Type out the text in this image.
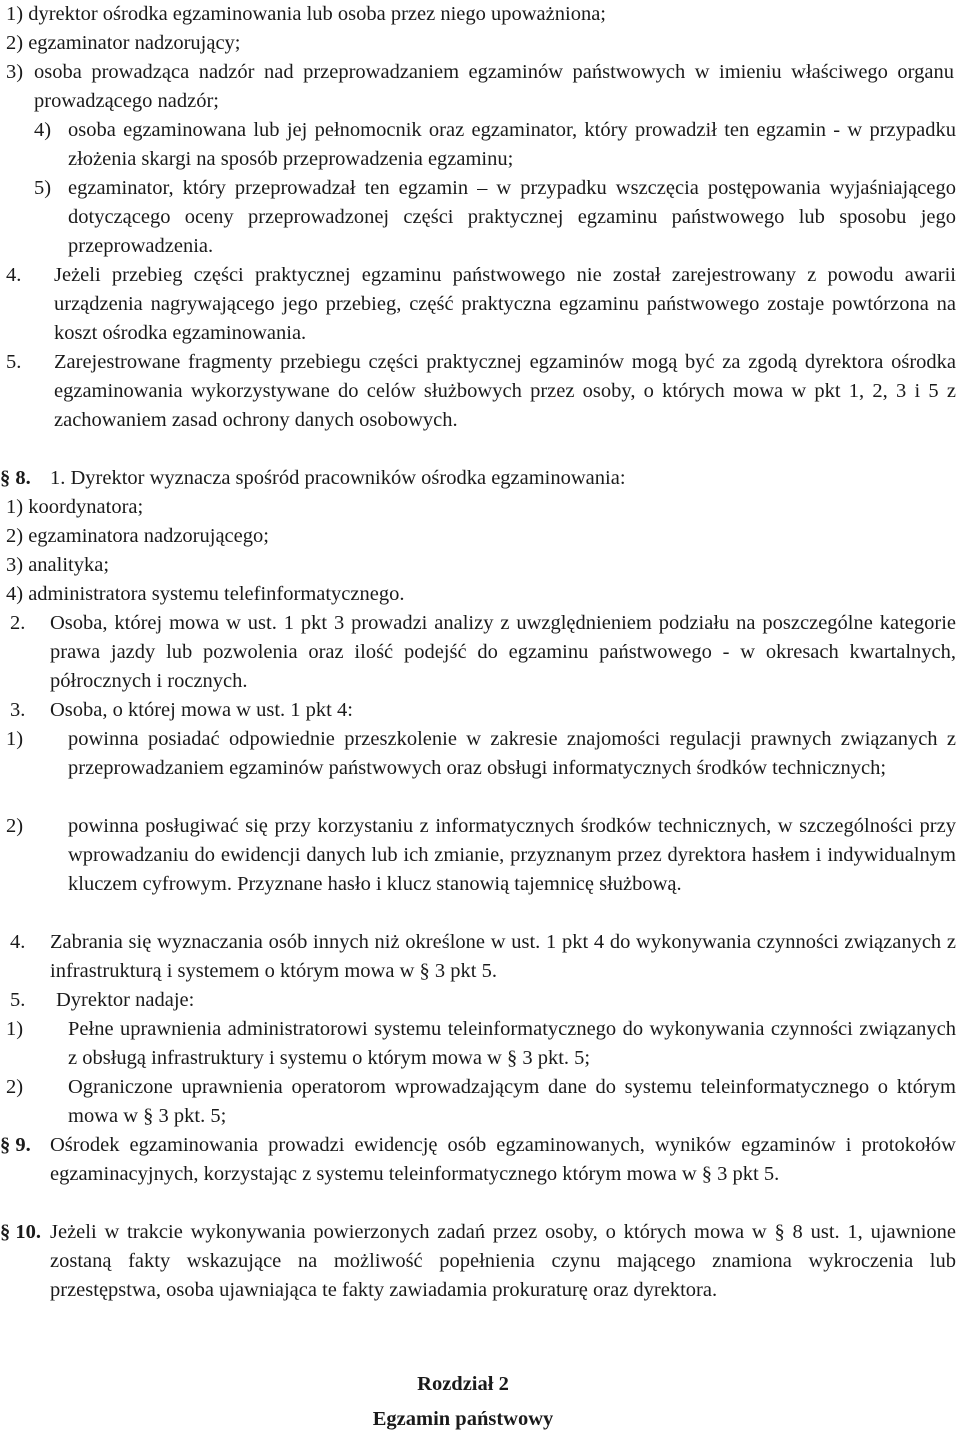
1) dyrektor ośrodka egzaminowania lub osoba przez niego upoważniona;
2) egzaminator nadzorujący;
3) osoba prowadząca nadzór nad przeprowadzaniem egzaminów państwowych w imieniu właściwego organu prowadzącego nadzór;
4) osoba egzaminowana lub jej pełnomocnik oraz egzaminator, który prowadził ten egzamin - w przypadku złożenia skargi na sposób przeprowadzenia egzaminu;
5) egzaminator, który przeprowadzał ten egzamin – w przypadku wszczęcia postępowania wyjaśniającego dotyczącego oceny przeprowadzonej części praktycznej egzaminu państwowego lub sposobu jego przeprowadzenia.
4. Jeżeli przebieg części praktycznej egzaminu państwowego nie został zarejestrowany z powodu awarii urządzenia nagrywającego jego przebieg, część praktyczna egzaminu państwowego zostaje powtórzona na koszt ośrodka egzaminowania.
5. Zarejestrowane fragmenty przebiegu części praktycznej egzaminów mogą być za zgodą dyrektora ośrodka egzaminowania wykorzystywane do celów służbowych przez osoby, o których mowa w pkt 1, 2, 3 i 5 z zachowaniem zasad ochrony danych osobowych.
§ 8. 1. Dyrektor wyznacza spośród pracowników ośrodka egzaminowania:
1) koordynatora;
2) egzaminatora nadzorującego;
3) analityka;
4) administratora systemu telefinformatycznego.
2. Osoba, której mowa w ust. 1 pkt 3 prowadzi analizy z uwzględnieniem podziału na poszczególne kategorie prawa jazdy lub pozwolenia oraz ilość podejść do egzaminu państwowego - w okresach kwartalnych, półrocznych i rocznych.
3. Osoba, o której mowa w ust. 1 pkt 4:
1) powinna posiadać odpowiednie przeszkolenie w zakresie znajomości regulacji prawnych związanych z przeprowadzaniem egzaminów państwowych oraz obsługi informatycznych środków technicznych;
2) powinna posługiwać się przy korzystaniu z informatycznych środków technicznych, w szczególności przy wprowadzaniu do ewidencji danych lub ich zmianie, przyznanym przez dyrektora hasłem i indywidualnym kluczem cyfrowym. Przyznane hasło i klucz stanowią tajemnicę służbową.
4. Zabrania się wyznaczania osób innych niż określone w ust. 1 pkt 4 do wykonywania czynności związanych z infrastrukturą i systemem o którym mowa w § 3 pkt 5.
5. Dyrektor nadaje:
1) Pełne uprawnienia administratorowi systemu teleinformatycznego do wykonywania czynności związanych z obsługą infrastruktury i systemu o którym mowa w § 3 pkt. 5;
2) Ograniczone uprawnienia operatorom wprowadzającym dane do systemu teleinformatycznego o którym mowa w § 3 pkt. 5;
§ 9. Ośrodek egzaminowania prowadzi ewidencję osób egzaminowanych, wyników egzaminów i protokołów egzaminacyjnych, korzystając z systemu teleinformatycznego którym mowa w § 3 pkt 5.
§ 10. Jeżeli w trakcie wykonywania powierzonych zadań przez osoby, o których mowa w § 8 ust. 1, ujawnione zostaną fakty wskazujące na możliwość popełnienia czynu mającego znamiona wykroczenia lub przestępstwa, osoba ujawniająca te fakty zawiadamia prokuraturę oraz dyrektora.
Rozdział 2
Egzamin państwowy
